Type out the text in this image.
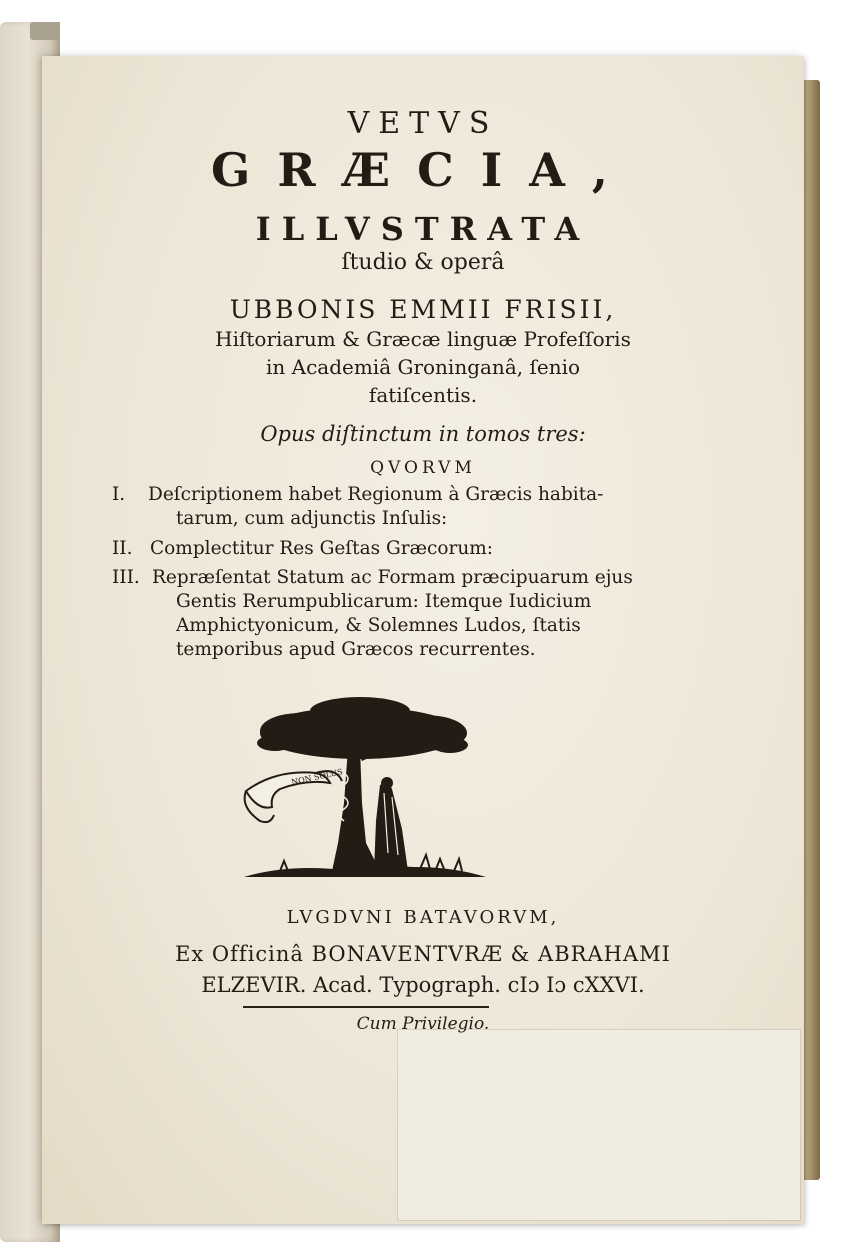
VETVS

GRÆCIA,

ILLVSTRATA

ſtudio & operâ

UBBONIS EMMII FRISII,

Hiſtoriarum & Græcæ linguæ Profeſſoris

in Academiâ Groninganâ, ſenio

fatiſcentis.

Opus diſtinctum in tomos tres:

QVORVM

I. Deſcriptionem habet Regionum à Græcis habita-

tarum, cum adjunctis Inſulis:

II. Complectitur Res Geſtas Græcorum:

III. Repræſentat Statum ac Formam præcipuarum ejus

Gentis Rerumpublicarum: Itemque Iudicium

Amphictyonicum, & Solemnes Ludos, ſtatis

temporibus apud Græcos recurrentes.

NON SOLUS

LVGDVNI BATAVORVM,

Ex Officinâ BONAVENTVRÆ & ABRAHAMI

ELZEVIR. Acad. Typograph. cIɔ Iɔ cXXVI.

Cum Privilegio.
